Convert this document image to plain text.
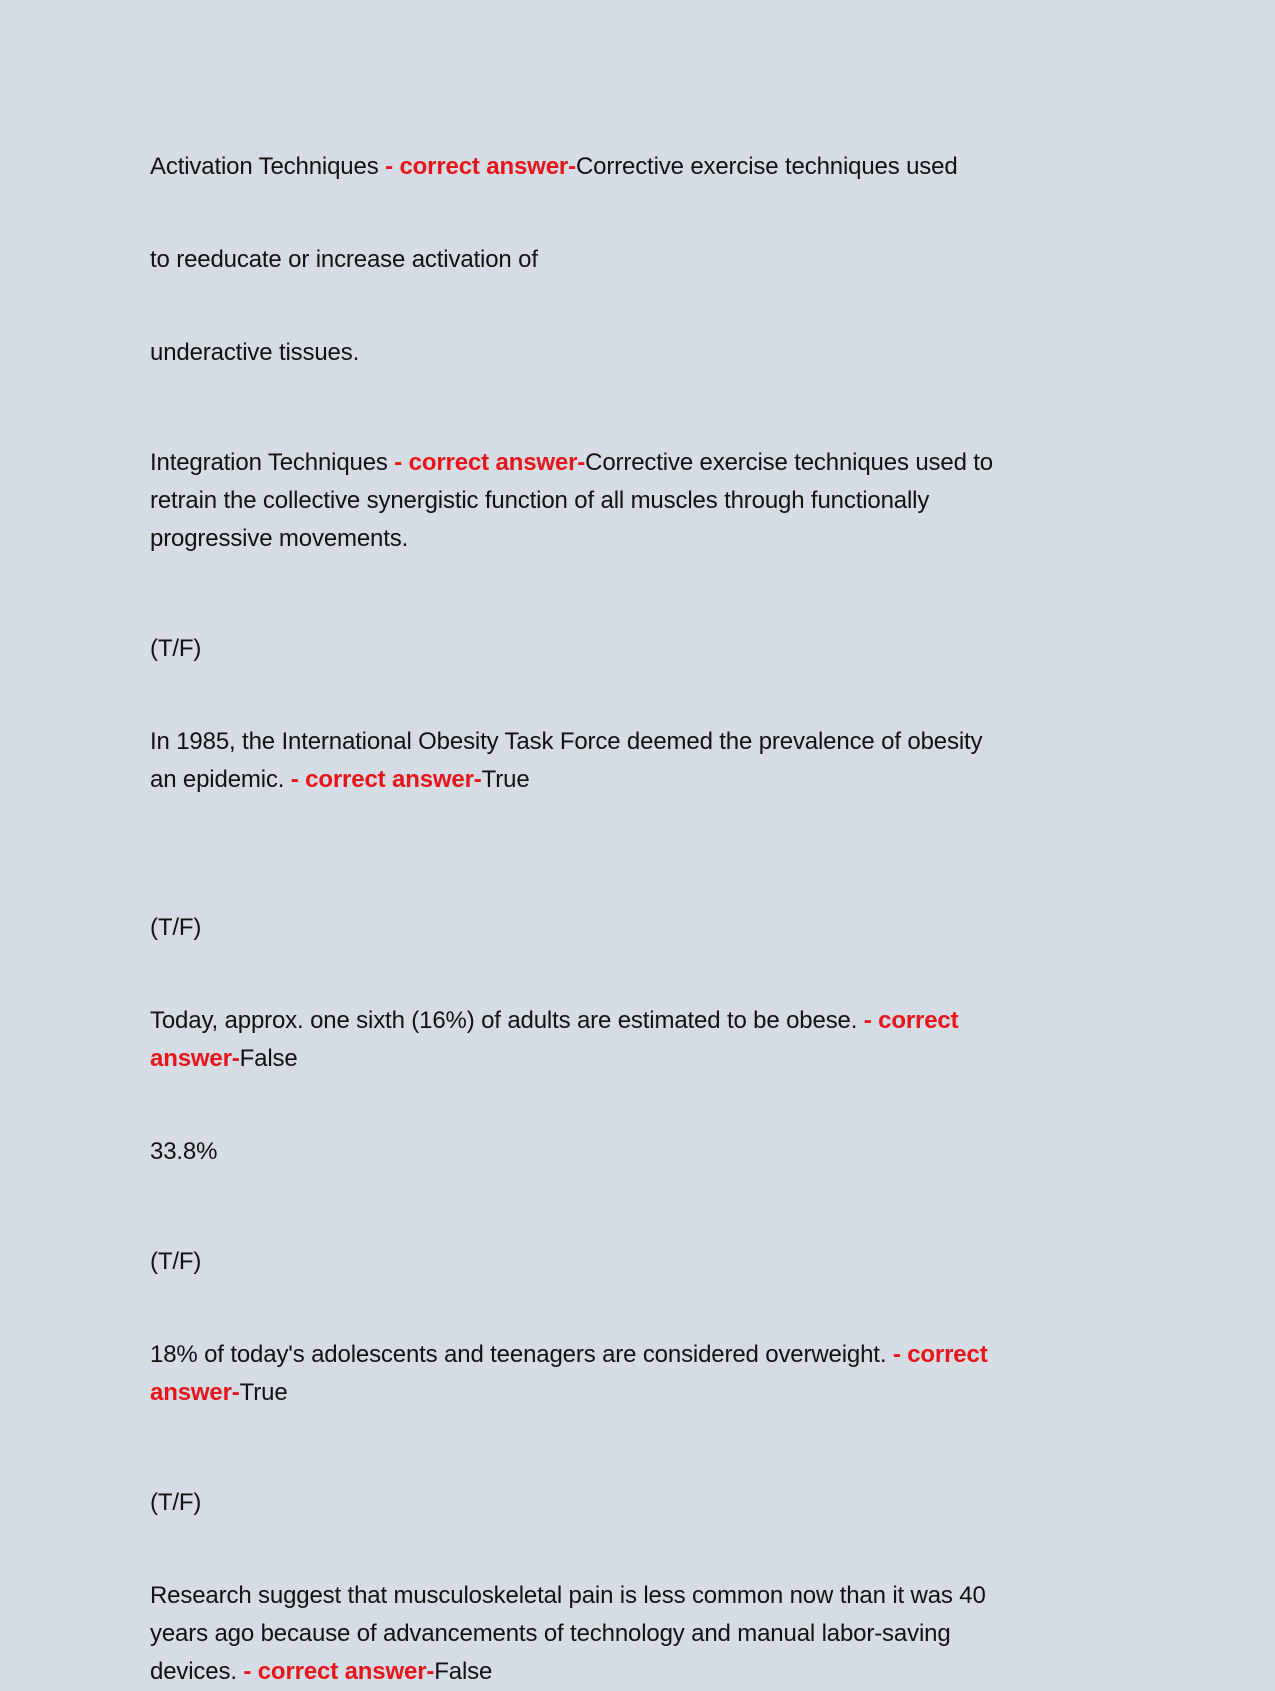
Activation Techniques - correct answer-Corrective exercise techniques used
to reeducate or increase activation of
underactive tissues.
Integration Techniques - correct answer-Corrective exercise techniques used to
retrain the collective synergistic function of all muscles through functionally
progressive movements.
(T/F)
In 1985, the International Obesity Task Force deemed the prevalence of obesity
an epidemic. - correct answer-True
(T/F)
Today, approx. one sixth (16%) of adults are estimated to be obese. - correct
answer-False
33.8%
(T/F)
18% of today's adolescents and teenagers are considered overweight. - correct
answer-True
(T/F)
Research suggest that musculoskeletal pain is less common now than it was 40
years ago because of advancements of technology and manual labor-saving
devices. - correct answer-False
